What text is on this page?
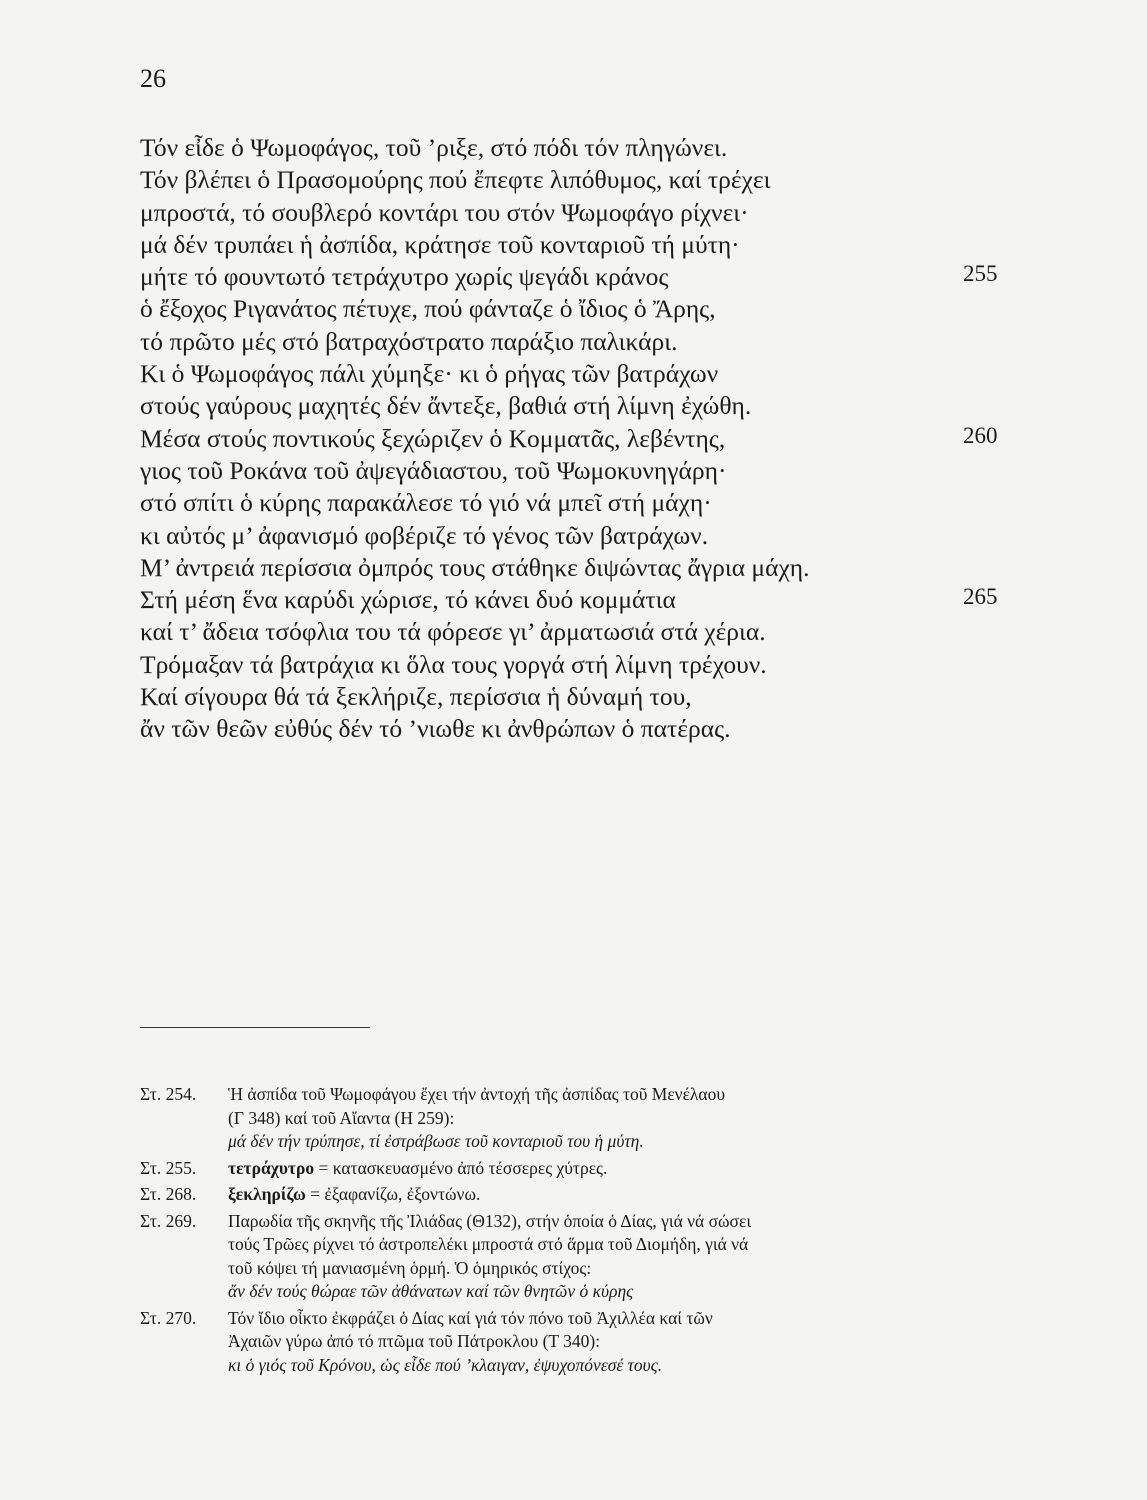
26
Τόν εἶδε ὁ Ψωμοφάγος, τοῦ ’ριξε, στό πόδι τόν πληγώνει.
Τόν βλέπει ὁ Πρασομούρης πού ἔπεφτε λιπόθυμος, καί τρέχει
μπροστά, τό σουβλερό κοντάρι του στόν Ψωμοφάγο ρίχνει·
μά δέν τρυπάει ἡ ἀσπίδα, κράτησε τοῦ κονταριοῦ τή μύτη·
μήτε τό φουντωτό τετράχυτρο χωρίς ψεγάδι κράνος	255
ὁ ἔξοχος Ριγανάτος πέτυχε, πού φάνταζε ὁ ἴδιος ὁ Ἄρης,
τό πρῶτο μές στό βατραχόστρατο παράξιο παλικάρι.
Κι ὁ Ψωμοφάγος πάλι χύμηξε· κι ὁ ρήγας τῶν βατράχων
στούς γαύρους μαχητές δέν ἄντεξε, βαθιά στή λίμνη ἐχώθη.
Μέσα στούς ποντικούς ξεχώριζεν ὁ Κομματᾶς, λεβέντης,	260
γιος τοῦ Ροκάνα τοῦ ἀψεγάδιαστου, τοῦ Ψωμοκυνηγάρη·
στό σπίτι ὁ κύρης παρακάλεσε τό γιό νά μπεῖ στή μάχη·
κι αὐτός μ’ ἀφανισμό φοβέριζε τό γένος τῶν βατράχων.
Μ’ ἀντρειά περίσσια ὀμπρός τους στάθηκε διψώντας ἄγρια μάχη.
Στή μέση ἕνα καρύδι χώρισε, τό κάνει δυό κομμάτια	265
καί τ’ ἄδεια τσόφλια του τά φόρεσε γι’ ἀρματωσιά στά χέρια.
Τρόμαξαν τά βατράχια κι ὅλα τους γοργά στή λίμνη τρέχουν.
Καί σίγουρα θά τά ξεκλήριζε, περίσσια ἡ δύναμή του,
ἄν τῶν θεῶν εὐθύς δέν τό ’νιωθε κι ἀνθρώπων ὁ πατέρας.
Στ. 254.	Ἡ ἀσπίδα τοῦ Ψωμοφάγου ἔχει τήν ἀντοχή τῆς ἀσπίδας τοῦ Μενέλαου
(Γ 348) καί τοῦ Αἴαντα (Η 259):
μά δέν τήν τρύπησε, τί ἐστράβωσε τοῦ κονταριοῦ του ἡ μύτη.
Στ. 255.	τετράχυτρο = κατασκευασμένο ἀπό τέσσερες χύτρες.
Στ. 268.	ξεκληρίζω = ἐξαφανίζω, ἐξοντώνω.
Στ. 269.	Παρωδία τῆς σκηνῆς τῆς Ἰλιάδας (Θ132), στήν ὁποία ὁ Δίας, γιά νά σώσει
τούς Τρῶες ρίχνει τό ἀστροπελέκι μπροστά στό ἅρμα τοῦ Διομήδη, γιά νά
τοῦ κόψει τή μανιασμένη ὁρμή. Ὁ ὁμηρικός στίχος:
ἄν δέν τούς θώραε τῶν ἀθάνατων καί τῶν θνητῶν ὁ κύρης
Στ. 270.	Τόν ἴδιο οἶκτο ἐκφράζει ὁ Δίας καί γιά τόν πόνο τοῦ Ἀχιλλέα καί τῶν
Ἀχαιῶν γύρω ἀπό τό πτῶμα τοῦ Πάτροκλου (Τ 340):
κι ὁ γιός τοῦ Κρόνου, ὡς εἶδε πού ’κλαιγαν, ἐψυχοπόνεσέ τους.
